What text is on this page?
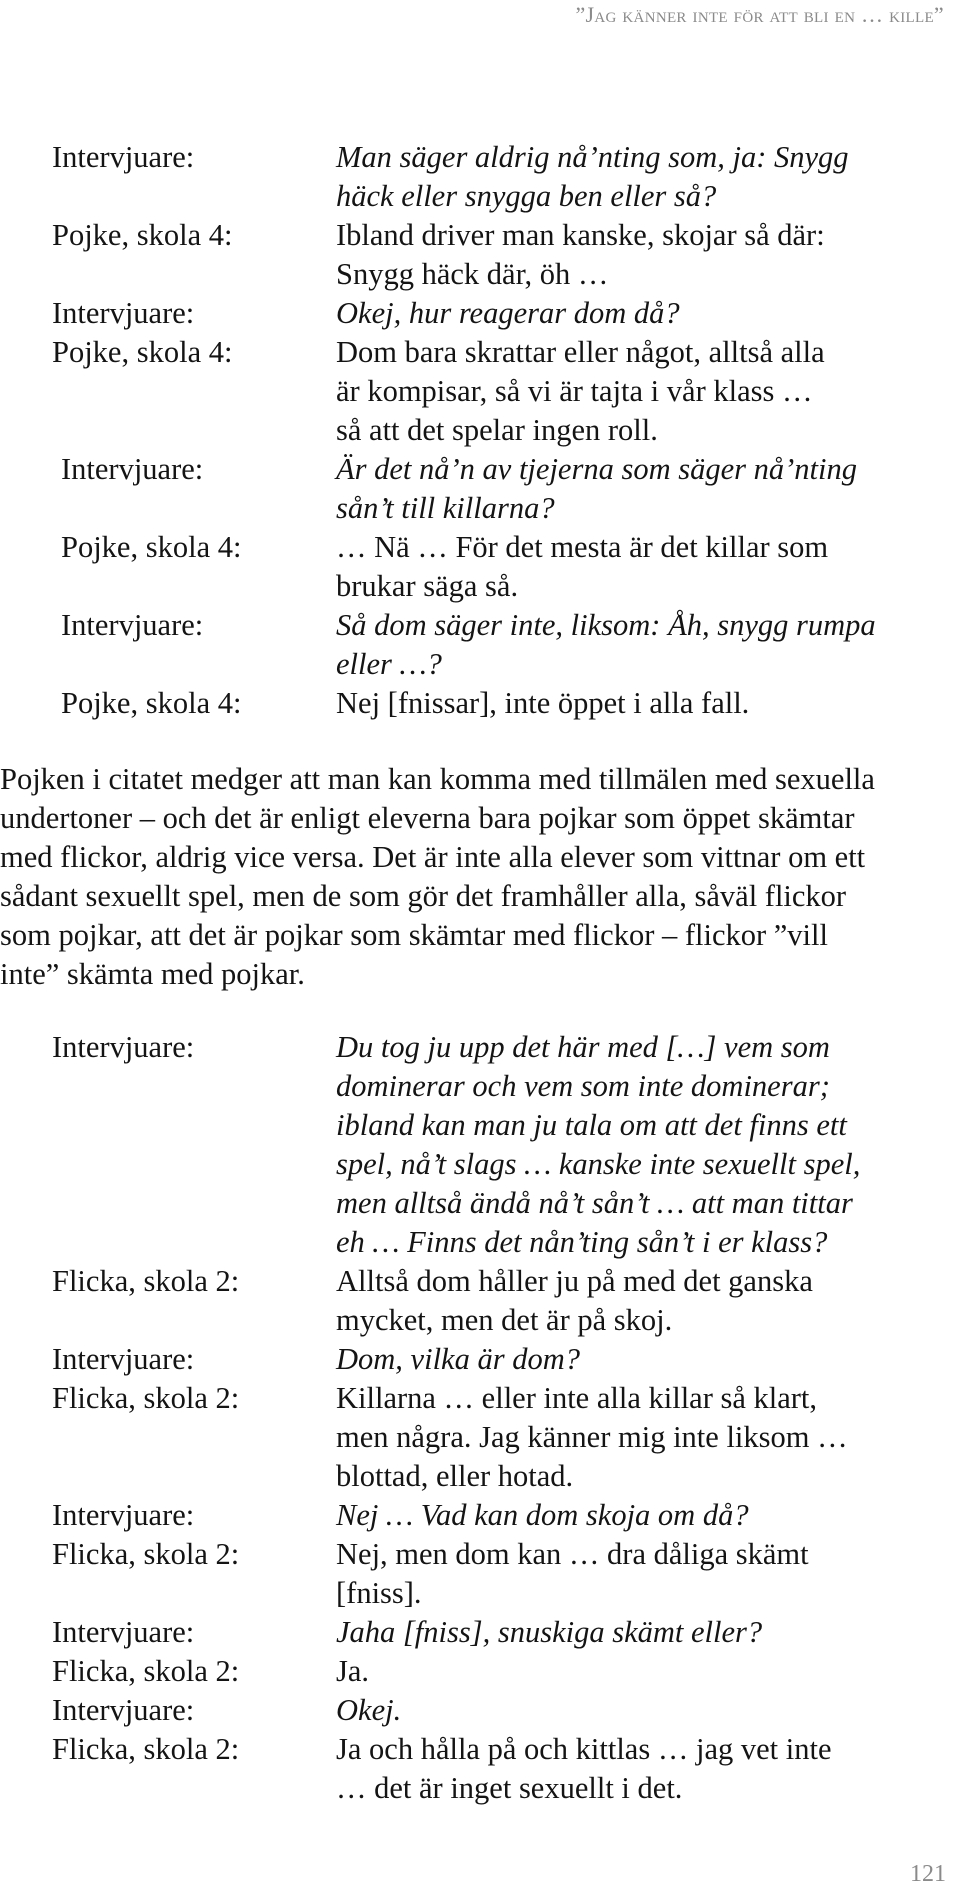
”Jag känner inte för att bli en … kille”
Intervjuare:	Man säger aldrig nå’nting som, ja: Snygg
häck eller snygga ben eller så?
Pojke, skola 4:	Ibland driver man kanske, skojar så där:
Snygg häck där, öh …
Intervjuare:	Okej, hur reagerar dom då?
Pojke, skola 4:	Dom bara skrattar eller något, alltså alla
är kompisar, så vi är tajta i vår klass …
så att det spelar ingen roll.
Intervjuare:	Är det nå’n av tjejerna som säger nå’nting
sån’t till killarna?
Pojke, skola 4:	… Nä … För det mesta är det killar som
brukar säga så.
Intervjuare:	Så dom säger inte, liksom: Åh, snygg rumpa
eller …?
Pojke, skola 4:	Nej [fnissar], inte öppet i alla fall.
Pojken i citatet medger att man kan komma med tillmälen med sexuella
undertoner – och det är enligt eleverna bara pojkar som öppet skämtar
med flickor, aldrig vice versa. Det är inte alla elever som vittnar om ett
sådant sexuellt spel, men de som gör det framhåller alla, såväl flickor
som pojkar, att det är pojkar som skämtar med flickor – flickor ”vill
inte” skämta med pojkar.
Intervjuare:	Du tog ju upp det här med […] vem som
dominerar och vem som inte dominerar;
ibland kan man ju tala om att det finns ett
spel, nå’t slags … kanske inte sexuellt spel,
men alltså ändå nå’t sån’t … att man tittar
eh … Finns det nån’ting sån’t i er klass?
Flicka, skola 2:	Alltså dom håller ju på med det ganska
mycket, men det är på skoj.
Intervjuare:	Dom, vilka är dom?
Flicka, skola 2:	Killarna … eller inte alla killar så klart,
men några. Jag känner mig inte liksom …
blottad, eller hotad.
Intervjuare:	Nej … Vad kan dom skoja om då?
Flicka, skola 2:	Nej, men dom kan … dra dåliga skämt
[fniss].
Intervjuare:	Jaha [fniss], snuskiga skämt eller?
Flicka, skola 2:	Ja.
Intervjuare:	Okej.
Flicka, skola 2:	Ja och hålla på och kittlas … jag vet inte
… det är inget sexuellt i det.
121
